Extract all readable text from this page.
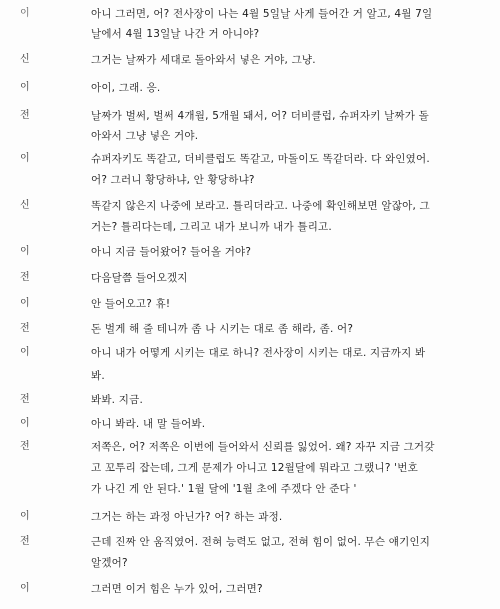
이	아니 그러면, 어? 전사장이 나는 4월 5일날 사게 들어간 거 알고, 4월 7일
날에서 4월 13일날 나간 거 아니야?
신	그거는 날짜가 세대로 돌아와서 넣은 거야, 그냥.
이	아이, 그래. 응.
전	날짜가 벌써, 벌써 4개월, 5개월 돼서, 어? 더비클럽, 슈퍼자키 날짜가 돌
아와서 그냥 넣은 거야.
이	슈퍼자키도 똑같고, 더비클럽도 똑같고, 마돌이도 똑같더라. 다 와인였어.
어? 그러니 황당하냐, 안 황당하냐?
신	똑같지 않은지 나중에 보라고. 틀리더라고. 나중에 확인해보면 알잖아, 그
거는? 틀리다는데, 그리고 내가 보니까 내가 틀리고.
이	아니 지금 들어왔어? 들어올 거야?
전	다음달쯤 들어오겠지
이	안 들어오고? 휴!
전	돈 벌게 해 줄 테니까 좀 나 시키는 대로 좀 해라, 좀. 어?
이	아니 내가 어떻게 시키는 대로 하니? 전사장이 시키는 대로. 지금까지 봐
봐.
전	봐봐. 지금.
이	아니 봐라. 내 말 들어봐.
전	저쪽은, 어? 저쪽은 이번에 들어와서 신뢰를 잃었어. 왜? 자꾸 지금 그거갖
고 꼬투리 잡는데, 그게 문제가 아니고 12월달에 뭐라고 그랬니? '번호
가 나긴 게 안 된다.' 1월 달에 '1월 초에 주겠다 안 준다 '
이	그거는 하는 과정 아닌가? 어? 하는 과정.
전	근데 진짜 안 움직였어. 전혀 능력도 없고, 전혀 힘이 없어. 무슨 얘기인지
알겠어?
이	그러면 이거 힘은 누가 있어, 그러면?
